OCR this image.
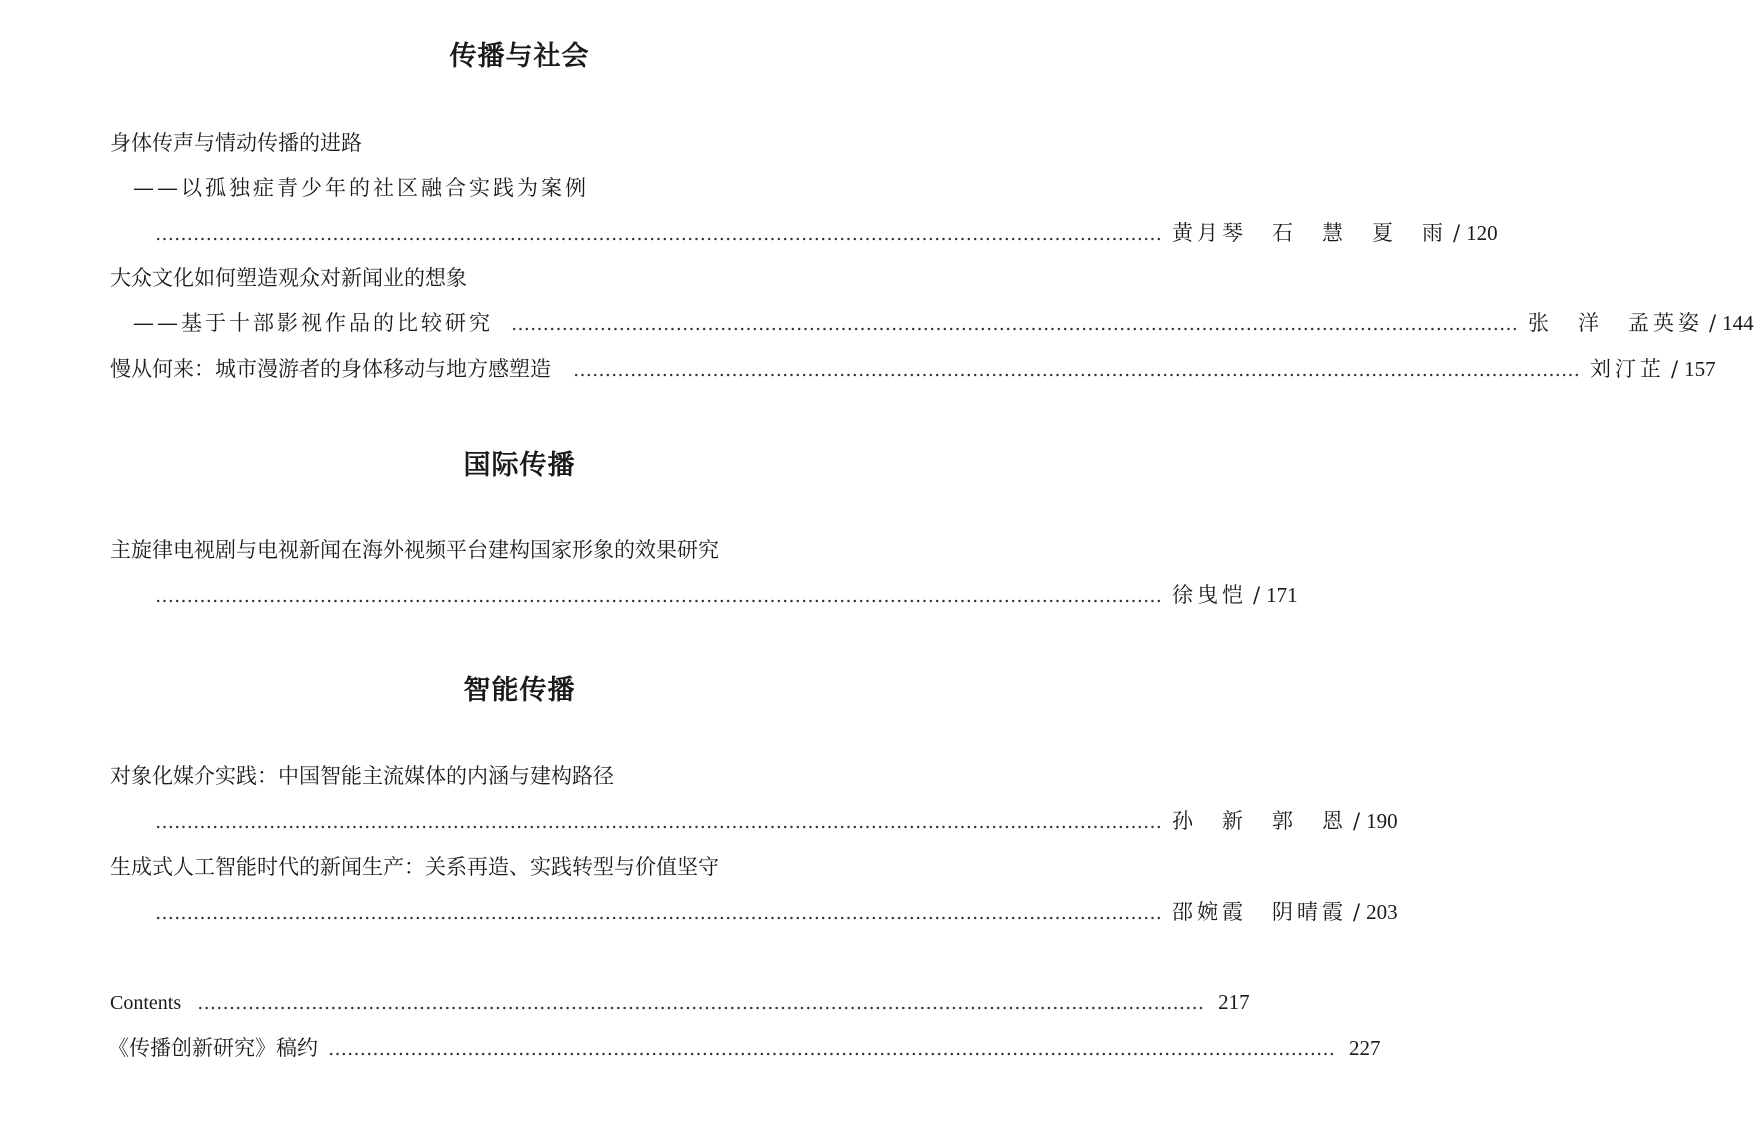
传播与社会
身体传声与情动传播的进路
——以孤独症青少年的社区融合实践为案例
…………………………………………………………………………………………………………………………………………… 黄月琴　石　慧　夏　雨 / 120
大众文化如何塑造观众对新闻业的想象
——基于十部影视作品的比较研究 …………………………………………………………………………………………………………………………………………… 张　洋　孟英姿 / 144
慢从何来：城市漫游者的身体移动与地方感塑造 …………………………………………………………………………………………………………………………………………… 刘汀芷 / 157
国际传播
主旋律电视剧与电视新闻在海外视频平台建构国家形象的效果研究
…………………………………………………………………………………………………………………………………………… 徐曳恺 / 171
智能传播
对象化媒介实践：中国智能主流媒体的内涵与建构路径
…………………………………………………………………………………………………………………………………………… 孙　新　郭　恩 / 190
生成式人工智能时代的新闻生产：关系再造、实践转型与价值坚守
…………………………………………………………………………………………………………………………………………… 邵婉霞　阴晴霞 / 203
Contents …………………………………………………………………………………………………………………………………………… 217
《传播创新研究》稿约 …………………………………………………………………………………………………………………………………………… 227
